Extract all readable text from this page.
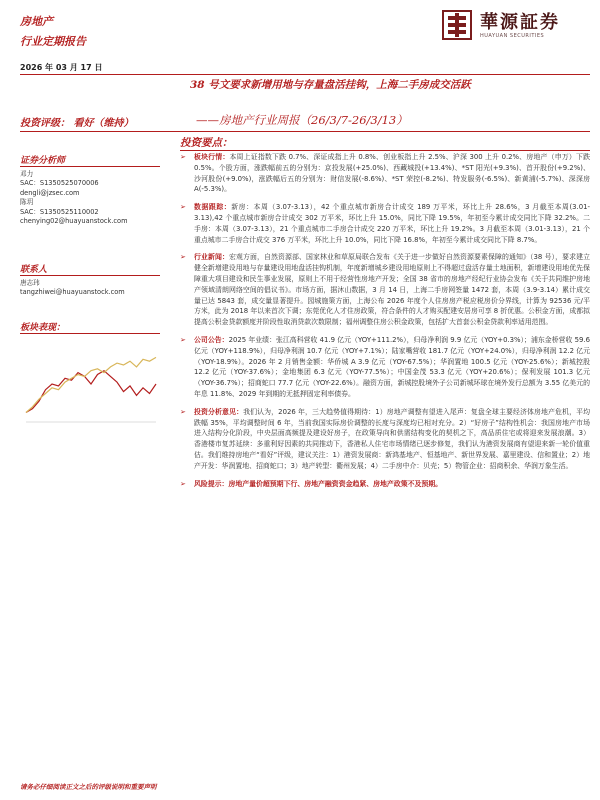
房地产
行业定期报告
華源証券
HUAYUAN SECURITIES
2026 年 03 月 17 日
38 号文要求新增用地与存量盘活挂钩，上海二手房成交活跃
投资评级： 看好（维持）	——房地产行业周报（26/3/7-26/3/13）
投资要点：
证券分析师
邓力
SAC：S1350525070006
dengli@jzsec.com
陈玥
SAC：S1350525110002
chenying02@huayuanstock.com
联系人
唐志玮
tangzhiwei@huayuanstock.com
板块表现：
➢ 板块行情：本周上证指数下跌 0.7%、深证成指上升 0.8%、创业板指上升 2.5%、沪深 300 上升 0.2%、房地产（申万）下跌 0.5%。个股方面，涨跌幅前五的分别为：京投发展(+25.0%)、西藏城投(+13.4%)、*ST 阳光(+9.3%)、首开股份(+9.2%)、沙河股份(+9.0%)，涨跌幅后五的分别为：财信发展(-8.6%)、*ST 荣控(-8.2%)、特发服务(-6.5%)、新黄浦(-5.7%)、深深房 A(-5.3%)。
➢ 数据跟踪：新房：本周（3.07-3.13），42 个重点城市新房合计成交 189 万平米，环比上升 28.6%，3 月截至本周(3.01-3.13),42 个重点城市新房合计成交 302 万平米，环比上升 15.0%，同比下降 19.5%，年初至今累计成交同比下降 32.2%。二手房：本周（3.07-3.13），21 个重点城市二手房合计成交 220 万平米，环比上升 19.2%。3 月截至本周（3.01-3.13），21 个重点城市二手房合计成交 376 万平米，环比上升 10.0%，同比下降 16.8%，年初至今累计成交同比下降 8.7%。
➢ 行业新闻：宏观方面，自然资源部、国家林业和草原局联合发布《关于进一步做好自然资源要素保障的通知》（38 号），要求建立健全新增建设用地与存量建设用地盘活挂钩机制，年度新增城乡建设用地原则上不得超过盘活存量土地面积，新增建设用地优先保障重大项目建设和民生事业发展，原则上不用于经营性房地产开发；全国 38 省市的房地产经纪行业协会发布《关于共同维护房地产领域清朗网络空间的倡议书》。市场方面，据沐山数据，3 月 14 日，上海二手房网签量 1472 套，本周（3.9-3.14）累计成交量已达 5843 套，成交量显著提升。园城施策方面，上海公布 2026 年度个人住房房产税应税房价分界线，计算为 92536 元/平方米，此为 2018 年以来首次下调；东莞优化人才住房政策，符合条件的人才购买配建安居房可享 8 折优惠。公积金方面，成都拟提高公积金贷款额度并阶段性取消贷款次数限制；福州调整住房公积金政策，包括扩大首套公积金贷款利率适用范围。
➢ 公司公告：2025 年业绩：张江高科营收 41.9 亿元（YOY+111.2%），归母净利润 9.9 亿元（YOY+0.3%）；浦东金桥营收 59.6 亿元（YOY+118.9%），归母净利润 10.7 亿元（YOY+7.1%）；陆家嘴营收 181.7 亿元（YOY+24.0%），归母净利润 12.2 亿元（YOY-18.9%）。2026 年 2 月销售金额：华侨城 A 3.9 亿元（YOY-67.5%）；华润置地 100.5 亿元（YOY-25.6%）；新城控股 12.2 亿元（YOY-37.6%）；金地集团 6.3 亿元（YOY-77.5%）；中国金茂 53.3 亿元（YOY+20.6%）；保利发展 101.3 亿元（YOY-36.7%）；招商蛇口 77.7 亿元（YOY-22.6%）。融资方面，新城控股境外子公司新城环球在境外发行总额为 3.55 亿美元的年息 11.8%、2029 年到期的无抵押固定利率债券。
➢ 投资分析意见：我们认为，2026 年，三大趋势值得期待：1）房地产调整有望进入尾声：复盘全球主要经济体房地产危机，平均跌幅 35%，平均调整时间 6 年，当前我国实际房价调整的长度与深度均已相对充分。2）“好房子”结构性机会：我国房地产市场进入结构分化阶段，中央层面高频提及建设好房子，在政策导向和供需结构变化的契机之下，高品质住宅或将迎来发展浪潮。3）香港楼市复苏延续：多重利好因素的共同推动下，香港私人住宅市场情绪已逐步修复，我们认为港资发展商有望迎来新一轮价值重估。我们维持房地产“看好”评级，建议关注：1）港资发展商：新鸿基地产、恒基地产、新世界发展、嘉里建设、信和置业；2）地产开发：华润置地、招商蛇口；3）地产转型：衢州发展；4）二手房中介：贝壳；5）物管企业：招商积余、华润万象生活。
➢ 风险提示：房地产量价超预期下行、房地产融资资金趋紧、房地产政策不及预期。
请务必仔细阅读正文之后的评级说明和重要声明
